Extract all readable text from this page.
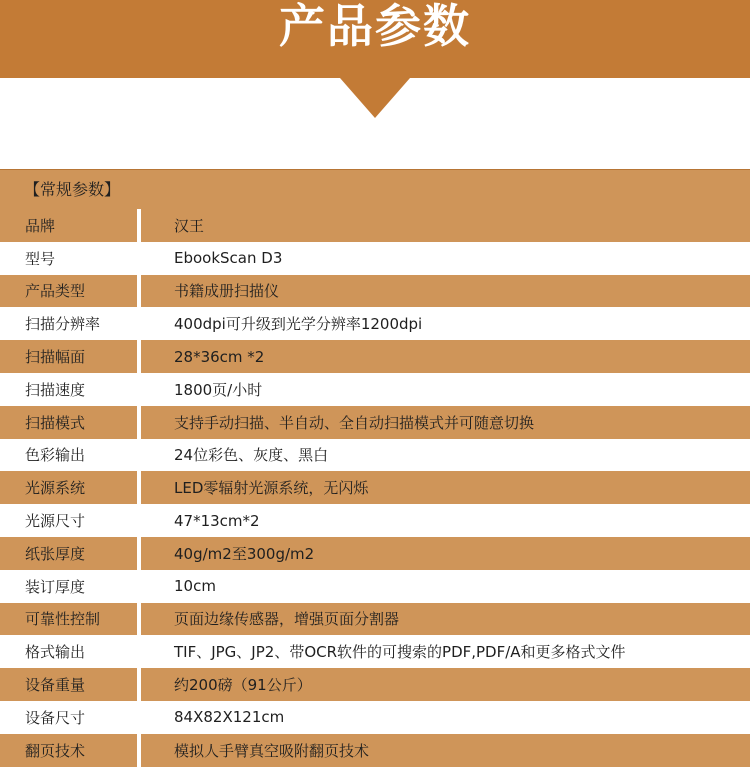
产品参数
【常规参数】
品牌	汉王
型号	EbookScan D3
产品类型	书籍成册扫描仪
扫描分辨率	400dpi可升级到光学分辨率1200dpi
扫描幅面	28*36cm *2
扫描速度	1800页/小时
扫描模式	支持手动扫描、半自动、全自动扫描模式并可随意切换
色彩输出	24位彩色、灰度、黑白
光源系统	LED零辐射光源系统，无闪烁
光源尺寸	47*13cm*2
纸张厚度	40g/m2至300g/m2
装订厚度	10cm
可靠性控制	页面边缘传感器，增强页面分割器
格式输出	TIF、JPG、JP2、带OCR软件的可搜索的PDF,PDF/A和更多格式文件
设备重量	约200磅（91公斤）
设备尺寸	84X82X121cm
翻页技术	模拟人手臂真空吸附翻页技术
